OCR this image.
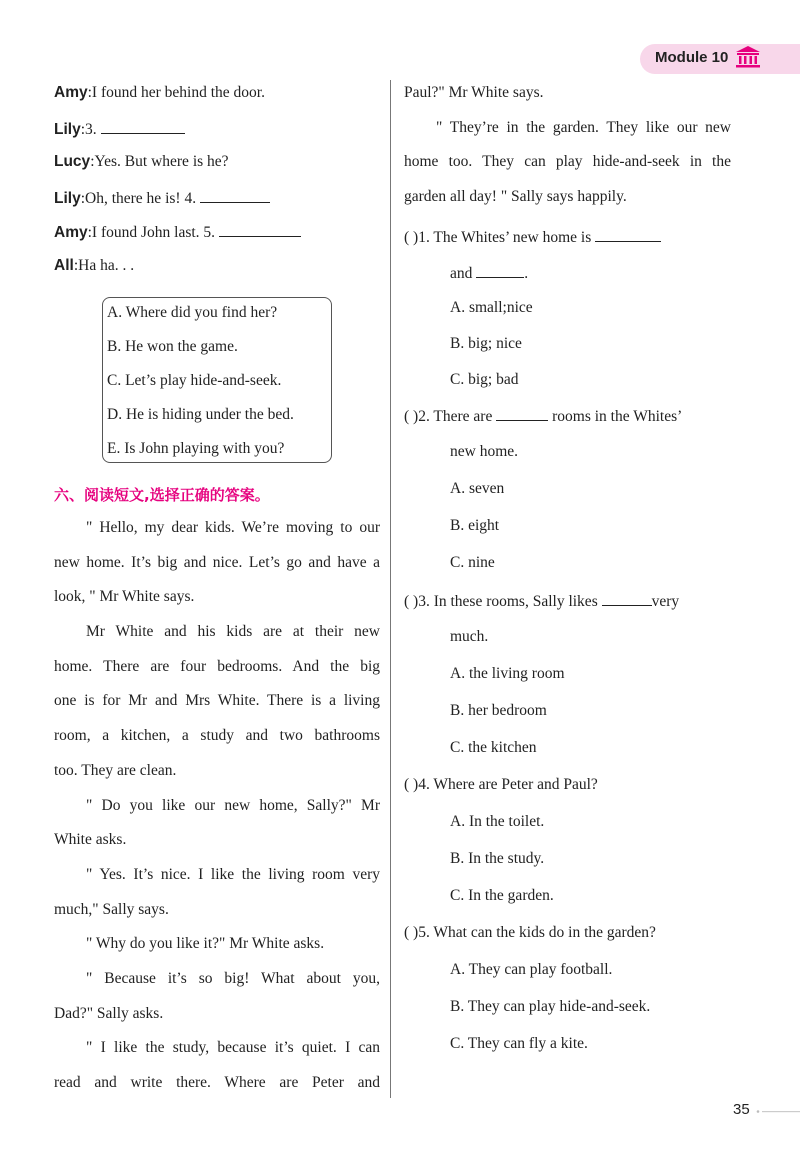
Module 10
Amy:I found her behind the door.
Lily:3.
Lucy:Yes. But where is he?
Lily:Oh, there he is! 4.
Amy:I found John last. 5.
All:Ha ha. . .
A. Where did you find her?
B. He won the game.
C. Let’s play hide-and-seek.
D. He is hiding under the bed.
E. Is John playing with you?
六、阅读短文,选择正确的答案。
" Hello, my dear kids. We’re moving to our
new home. It’s big and nice. Let’s go and have a
look, " Mr White says.
Mr White and his kids are at their new
home. There are four bedrooms. And the big
one is for Mr and Mrs White. There is a living
room, a kitchen, a study and two bathrooms
too. They are clean.
" Do you like our new home, Sally?" Mr
White asks.
" Yes. It’s nice. I like the living room very
much," Sally says.
" Why do you like it?" Mr White asks.
" Because it’s so big! What about you,
Dad?" Sally asks.
" I like the study, because it’s quiet. I can
read and write there. Where are Peter and
Paul?" Mr White says.
" They’re in the garden. They like our new
home too. They can play hide-and-seek in the
garden all day! " Sally says happily.
( )1. The Whites’ new home is
and	.
A. small;nice
B. big; nice
C. big; bad
( )2. There are	rooms in the Whites’
new home.
A. seven
B. eight
C. nine
( )3. In these rooms, Sally likes	very
much.
A. the living room
B. her bedroom
C. the kitchen
( )4. Where are Peter and Paul?
A. In the toilet.
B. In the study.
C. In the garden.
( )5. What can the kids do in the garden?
A. They can play football.
B. They can play hide-and-seek.
C. They can fly a kite.
35
